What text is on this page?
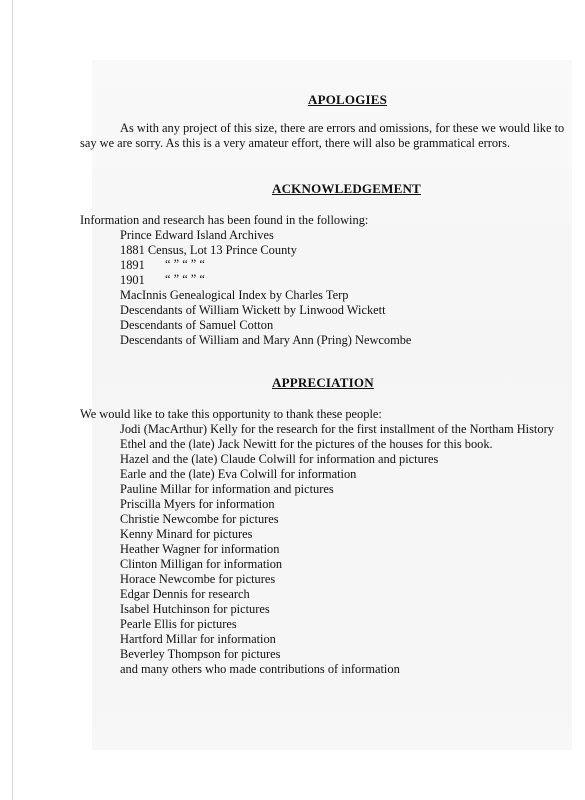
APOLOGIES
As with any project of this size, there are errors and omissions, for these we would like to
say we are sorry. As this is a very amateur effort, there will also be grammatical errors.
ACKNOWLEDGEMENT
Information and research has been found in the following:
Prince Edward Island Archives
1881 Census, Lot 13 Prince County
1891 “ ” “ ” “
1901 “ ” “ ” “
MacInnis Genealogical Index by Charles Terp
Descendants of William Wickett by Linwood Wickett
Descendants of Samuel Cotton
Descendants of William and Mary Ann (Pring) Newcombe
APPRECIATION
We would like to take this opportunity to thank these people:
Jodi (MacArthur) Kelly for the research for the first installment of the Northam History
Ethel and the (late) Jack Newitt for the pictures of the houses for this book.
Hazel and the (late) Claude Colwill for information and pictures
Earle and the (late) Eva Colwill for information
Pauline Millar for information and pictures
Priscilla Myers for information
Christie Newcombe for pictures
Kenny Minard for pictures
Heather Wagner for information
Clinton Milligan for information
Horace Newcombe for pictures
Edgar Dennis for research
Isabel Hutchinson for pictures
Pearle Ellis for pictures
Hartford Millar for information
Beverley Thompson for pictures
and many others who made contributions of information
